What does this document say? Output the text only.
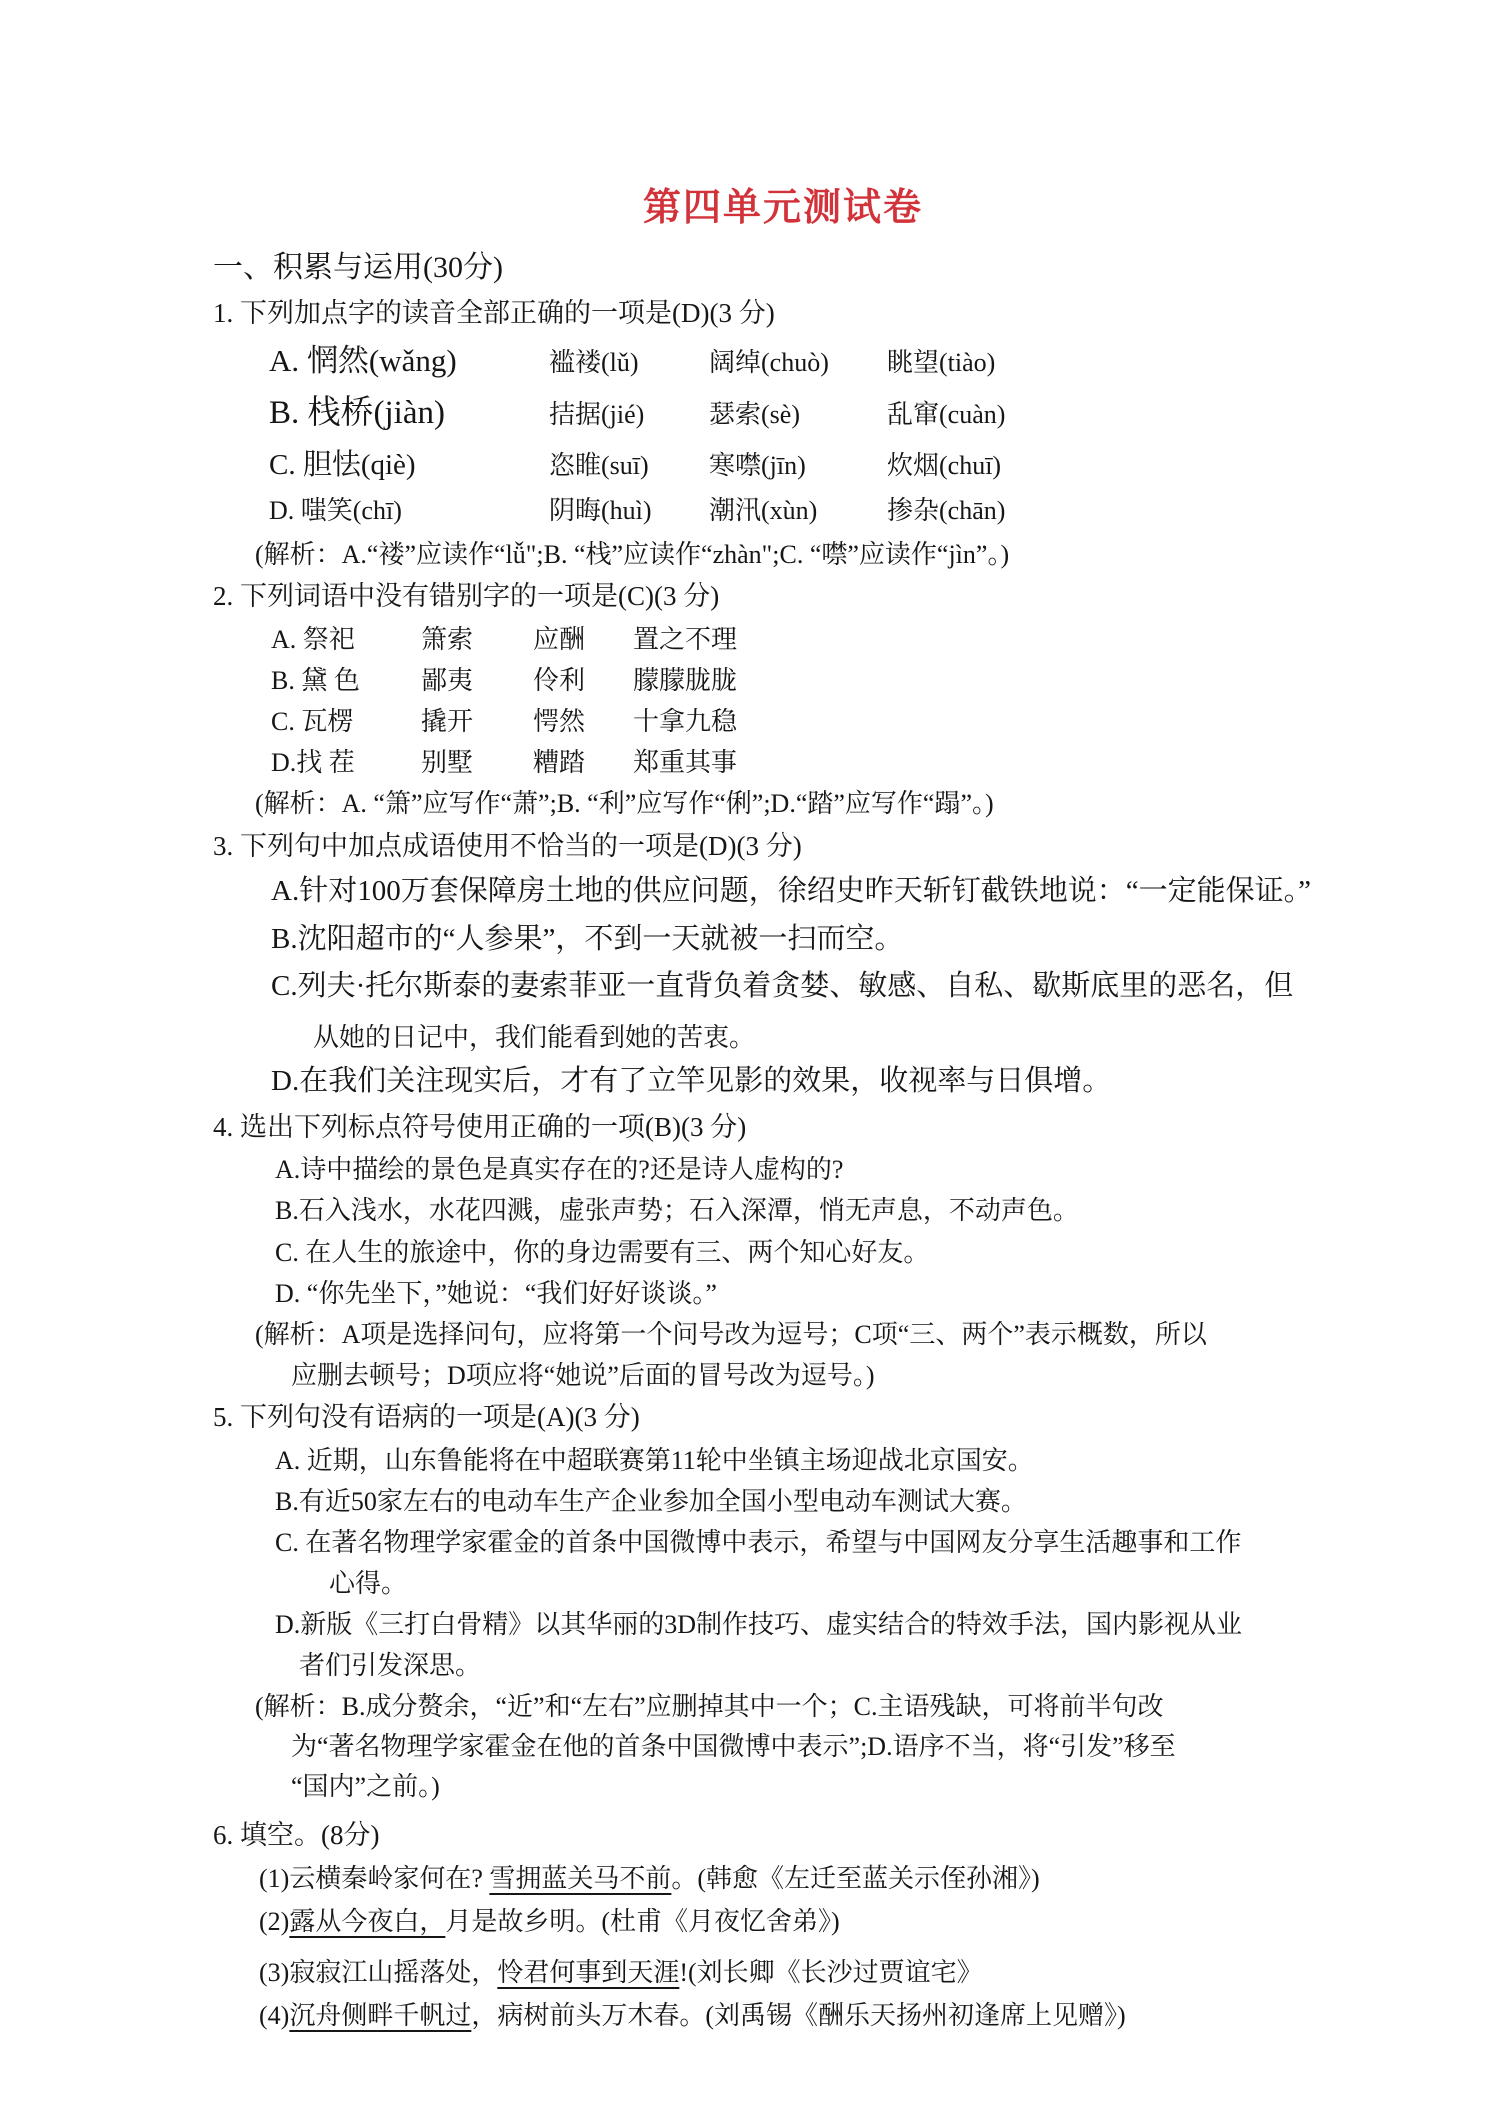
第四单元测试卷
一、积累与运用(30分)
1. 下列加点字的读音全部正确的一项是(D)(3 分)
A. 惘然(wǎng)	褴褛(lǔ)	阔绰(chuò)	眺望(tiào)
B. 栈桥(jiàn)	拮据(jié)	瑟索(sè)	乱窜(cuàn)
C. 胆怯(qiè)	恣睢(suī)	寒噤(jīn)	炊烟(chuī)
D. 嗤笑(chī)	阴晦(huì)	潮汛(xùn)	掺杂(chān)
(解析：A.“褛”应读作“lǚ";B. “栈”应读作“zhàn";C. “噤”应读作“jìn”。)
2. 下列词语中没有错别字的一项是(C)(3 分)
A. 祭祀	箫索	应酬	置之不理
B. 黛 色	鄙夷	伶利	朦朦胧胧
C. 瓦楞	撬开	愕然	十拿九稳
D.找 茬	别墅	糟踏	郑重其事
(解析：A. “箫”应写作“萧”;B. “利”应写作“俐”;D.“踏”应写作“蹋”。)
3. 下列句中加点成语使用不恰当的一项是(D)(3 分)
A.针对100万套保障房土地的供应问题，徐绍史昨天斩钉截铁地说：“一定能保证。”
B.沈阳超市的“人参果”，不到一天就被一扫而空。
C.列夫·托尔斯泰的妻索菲亚一直背负着贪婪、敏感、自私、歇斯底里的恶名，但
从她的日记中，我们能看到她的苦衷。
D.在我们关注现实后，才有了立竿见影的效果，收视率与日俱增。
4. 选出下列标点符号使用正确的一项(B)(3 分)
A.诗中描绘的景色是真实存在的?还是诗人虚构的?
B.石入浅水，水花四溅，虚张声势；石入深潭，悄无声息，不动声色。
C. 在人生的旅途中，你的身边需要有三、两个知心好友。
D. “你先坐下，”她说：“我们好好谈谈。”
(解析：A项是选择问句，应将第一个问号改为逗号；C项“三、两个”表示概数，所以
应删去顿号；D项应将“她说”后面的冒号改为逗号。)
5. 下列句没有语病的一项是(A)(3 分)
A. 近期，山东鲁能将在中超联赛第11轮中坐镇主场迎战北京国安。
B.有近50家左右的电动车生产企业参加全国小型电动车测试大赛。
C. 在著名物理学家霍金的首条中国微博中表示，希望与中国网友分享生活趣事和工作
心得。
D.新版《三打白骨精》以其华丽的3D制作技巧、虚实结合的特效手法，国内影视从业
者们引发深思。
(解析：B.成分赘余，“近”和“左右”应删掉其中一个；C.主语残缺，可将前半句改
为“著名物理学家霍金在他的首条中国微博中表示”;D.语序不当，将“引发”移至
“国内”之前。)
6. 填空。(8分)
(1)云横秦岭家何在? 雪拥蓝关马不前。(韩愈《左迁至蓝关示侄孙湘》)
(2)露从今夜白，月是故乡明。(杜甫《月夜忆舍弟》)
(3)寂寂江山摇落处，怜君何事到天涯!(刘长卿《长沙过贾谊宅》
(4)沉舟侧畔千帆过，病树前头万木春。(刘禹锡《酬乐天扬州初逢席上见赠》)
